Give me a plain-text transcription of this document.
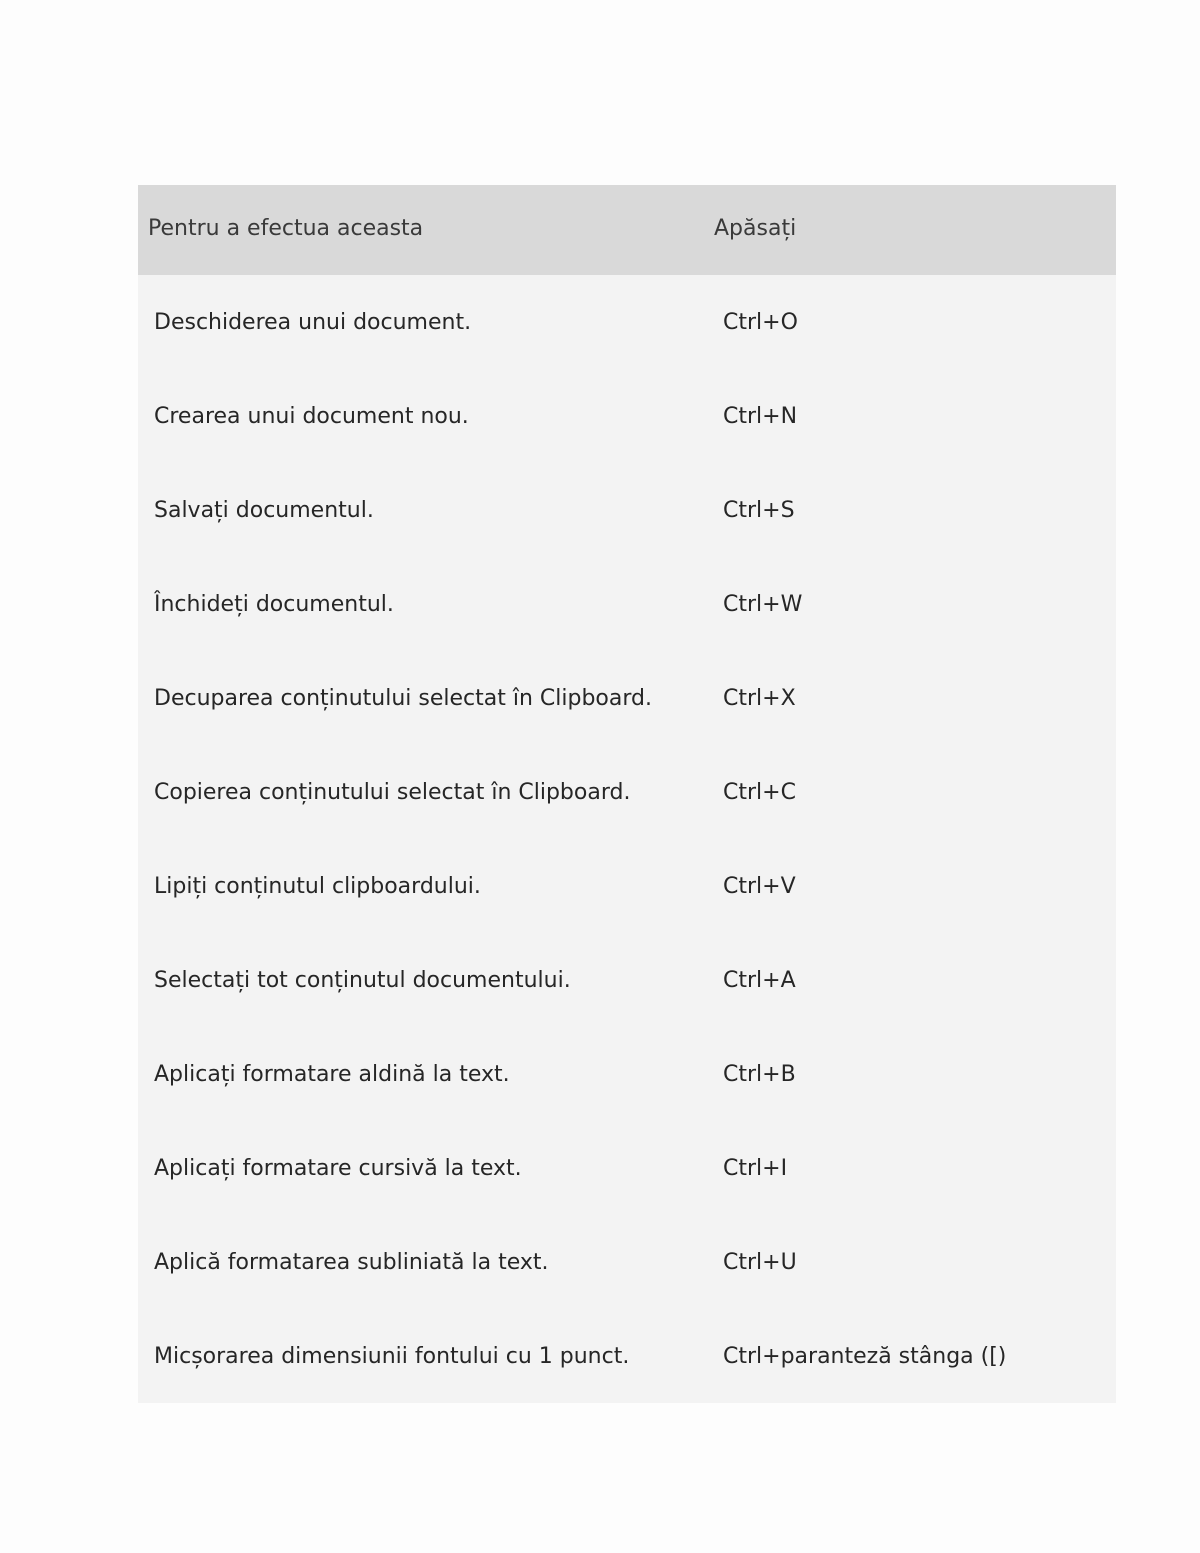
Pentru a efectua aceasta	Apăsați
Deschiderea unui document.	Ctrl+O
Crearea unui document nou.	Ctrl+N
Salvați documentul.	Ctrl+S
Închideți documentul.	Ctrl+W
Decuparea conținutului selectat în Clipboard.	Ctrl+X
Copierea conținutului selectat în Clipboard.	Ctrl+C
Lipiți conținutul clipboardului.	Ctrl+V
Selectați tot conținutul documentului.	Ctrl+A
Aplicați formatare aldină la text.	Ctrl+B
Aplicați formatare cursivă la text.	Ctrl+I
Aplică formatarea subliniată la text.	Ctrl+U
Micșorarea dimensiunii fontului cu 1 punct.	Ctrl+paranteză stânga ([)
